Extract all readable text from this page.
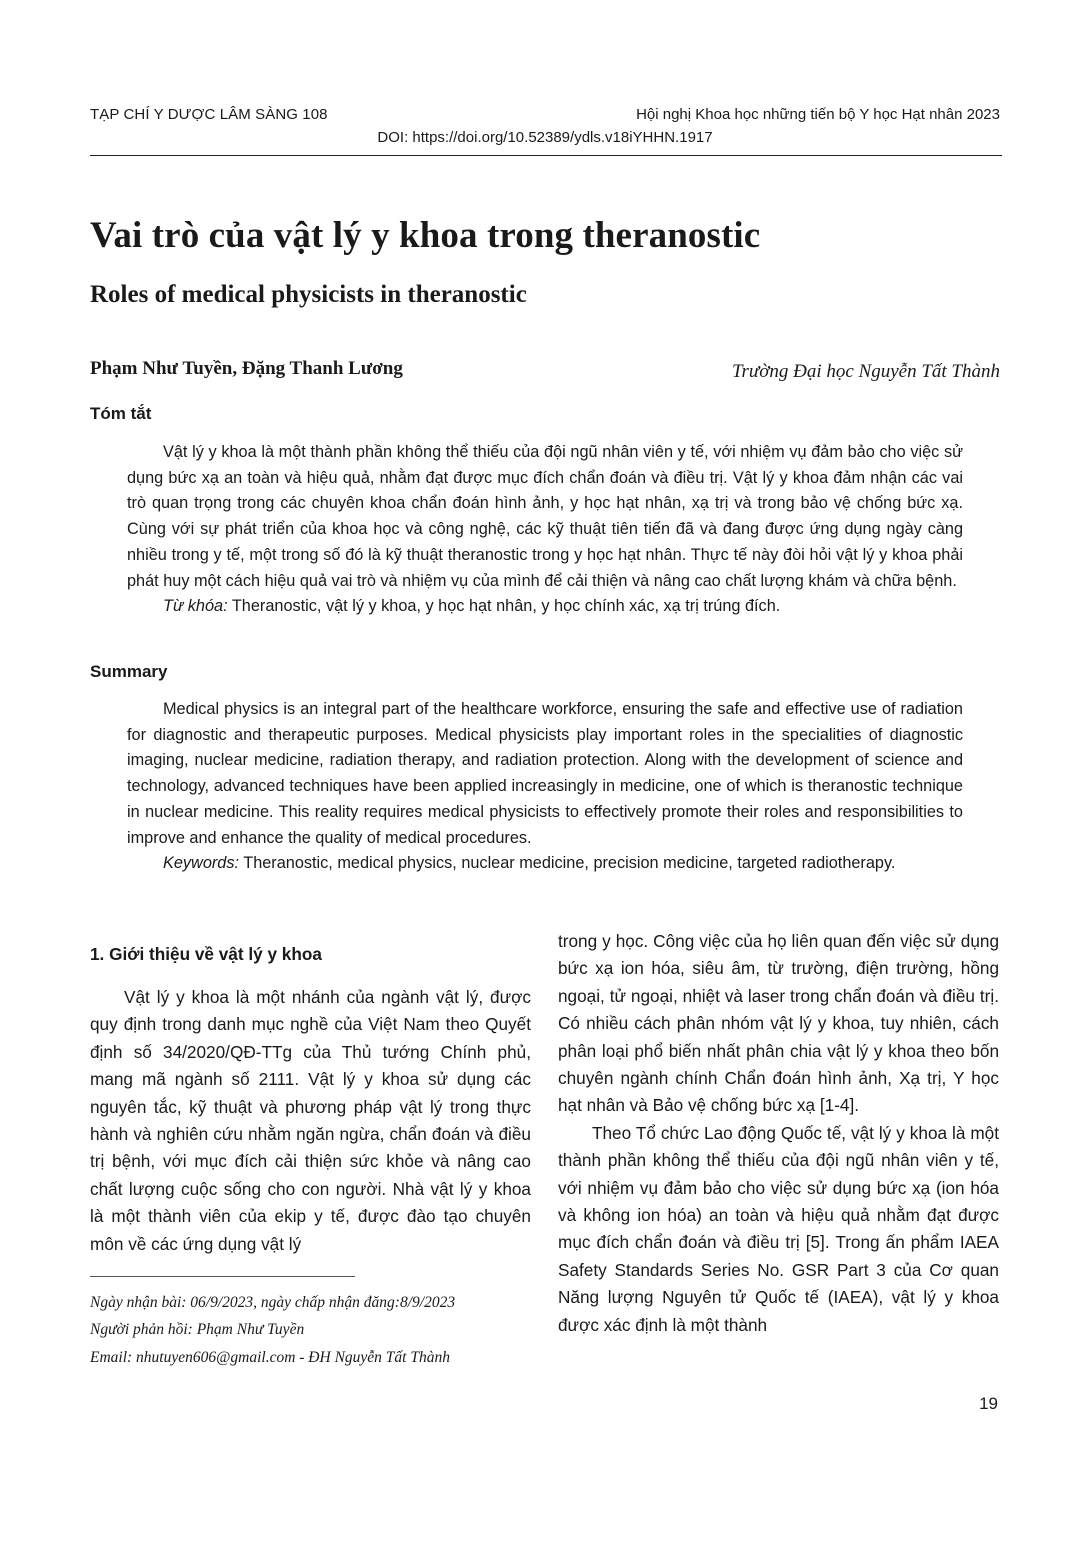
TẠP CHÍ Y DƯỢC LÂM SÀNG 108	Hội nghị Khoa học những tiến bộ Y học Hạt nhân 2023
DOI: https://doi.org/10.52389/ydls.v18iYHHN.1917
Vai trò của vật lý y khoa trong theranostic
Roles of medical physicists in theranostic
Phạm Như Tuyền, Đặng Thanh Lương	Trường Đại học Nguyễn Tất Thành
Tóm tắt

Vật lý y khoa là một thành phần không thể thiếu của đội ngũ nhân viên y tế, với nhiệm vụ đảm bảo cho việc sử dụng bức xạ an toàn và hiệu quả, nhằm đạt được mục đích chẩn đoán và điều trị. Vật lý y khoa đảm nhận các vai trò quan trọng trong các chuyên khoa chẩn đoán hình ảnh, y học hạt nhân, xạ trị và trong bảo vệ chống bức xạ. Cùng với sự phát triển của khoa học và công nghệ, các kỹ thuật tiên tiến đã và đang được ứng dụng ngày càng nhiều trong y tế, một trong số đó là kỹ thuật theranostic trong y học hạt nhân. Thực tế này đòi hỏi vật lý y khoa phải phát huy một cách hiệu quả vai trò và nhiệm vụ của mình để cải thiện và nâng cao chất lượng khám và chữa bệnh.

Từ khóa: Theranostic, vật lý y khoa, y học hạt nhân, y học chính xác, xạ trị trúng đích.

Summary

Medical physics is an integral part of the healthcare workforce, ensuring the safe and effective use of radiation for diagnostic and therapeutic purposes. Medical physicists play important roles in the specialities of diagnostic imaging, nuclear medicine, radiation therapy, and radiation protection. Along with the development of science and technology, advanced techniques have been applied increasingly in medicine, one of which is theranostic technique in nuclear medicine. This reality requires medical physicists to effectively promote their roles and responsibilities to improve and enhance the quality of medical procedures.

Keywords: Theranostic, medical physics, nuclear medicine, precision medicine, targeted radiotherapy.

1. Giới thiệu về vật lý y khoa

Vật lý y khoa là một nhánh của ngành vật lý, được quy định trong danh mục nghề của Việt Nam theo Quyết định số 34/2020/QĐ-TTg của Thủ tướng Chính phủ, mang mã ngành số 2111. Vật lý y khoa sử dụng các nguyên tắc, kỹ thuật và phương pháp vật lý trong thực hành và nghiên cứu nhằm ngăn ngừa, chẩn đoán và điều trị bệnh, với mục đích cải thiện sức khỏe và nâng cao chất lượng cuộc sống cho con người. Nhà vật lý y khoa là một thành viên của ekip y tế, được đào tạo chuyên môn về các ứng dụng vật lý

trong y học. Công việc của họ liên quan đến việc sử dụng bức xạ ion hóa, siêu âm, từ trường, điện trường, hồng ngoại, tử ngoại, nhiệt và laser trong chẩn đoán và điều trị. Có nhiều cách phân nhóm vật lý y khoa, tuy nhiên, cách phân loại phổ biến nhất phân chia vật lý y khoa theo bốn chuyên ngành chính Chẩn đoán hình ảnh, Xạ trị, Y học hạt nhân và Bảo vệ chống bức xạ [1-4].

Theo Tổ chức Lao động Quốc tế, vật lý y khoa là một thành phần không thể thiếu của đội ngũ nhân viên y tế, với nhiệm vụ đảm bảo cho việc sử dụng bức xạ (ion hóa và không ion hóa) an toàn và hiệu quả nhằm đạt được mục đích chẩn đoán và điều trị [5]. Trong ấn phẩm IAEA Safety Standards Series No. GSR Part 3 của Cơ quan Năng lượng Nguyên tử Quốc tế (IAEA), vật lý y khoa được xác định là một thành

Ngày nhận bài: 06/9/2023, ngày chấp nhận đăng:8/9/2023
Người phản hồi: Phạm Như Tuyền
Email: nhutuyen606@gmail.com - ĐH Nguyễn Tất Thành
19
